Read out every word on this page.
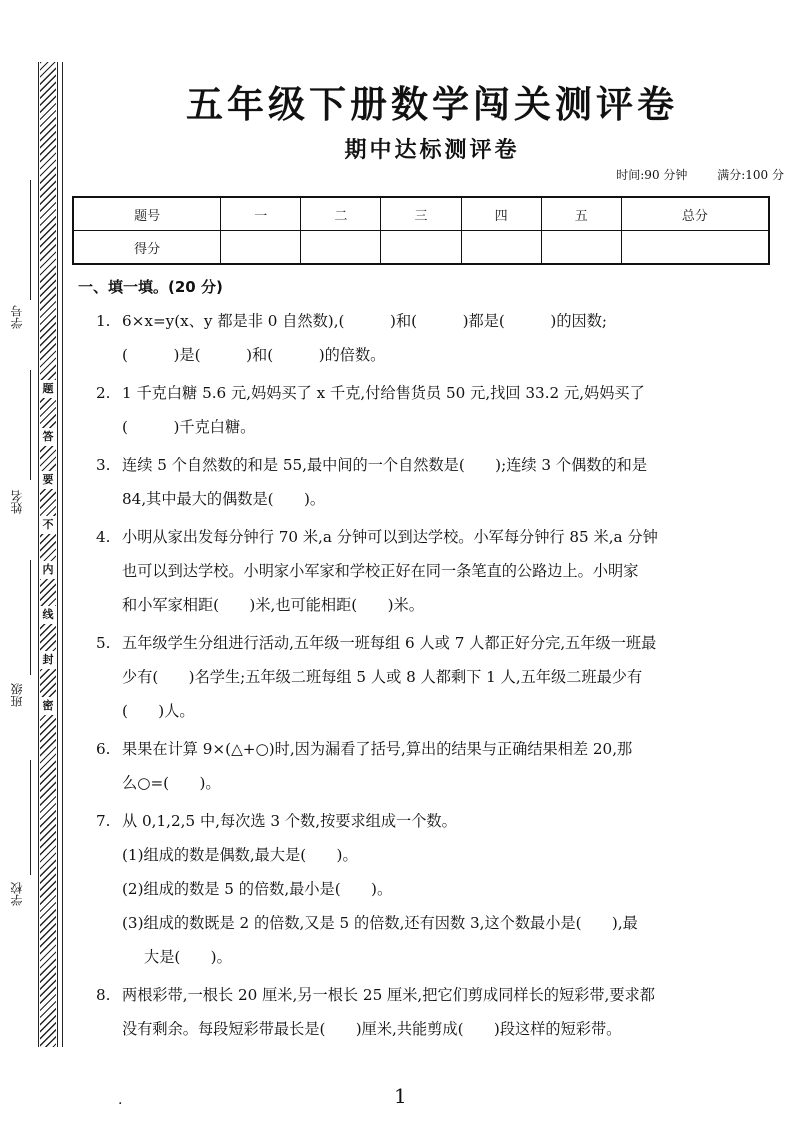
题
答
要
不
内
线
封
密
学号
姓名
班级
学校
五年级下册数学闯关测评卷
期中达标测评卷
时间:90 分钟 满分:100 分
题号	一	二	三	四	五	总分
得分						
一、填一填。(20 分)
1. 6×x=y(x、y 都是非 0 自然数),(　　　)和(　　　)都是(　　　)的因数;
(　　　)是(　　　)和(　　　)的倍数。
2. 1 千克白糖 5.6 元,妈妈买了 x 千克,付给售货员 50 元,找回 33.2 元,妈妈买了
(　　　)千克白糖。
3. 连续 5 个自然数的和是 55,最中间的一个自然数是(　　);连续 3 个偶数的和是
84,其中最大的偶数是(　　)。
4. 小明从家出发每分钟行 70 米,a 分钟可以到达学校。小军每分钟行 85 米,a 分钟
也可以到达学校。小明家小军家和学校正好在同一条笔直的公路边上。小明家
和小军家相距(　　)米,也可能相距(　　)米。
5. 五年级学生分组进行活动,五年级一班每组 6 人或 7 人都正好分完,五年级一班最
少有(　　)名学生;五年级二班每组 5 人或 8 人都剩下 1 人,五年级二班最少有
(　　)人。
6. 果果在计算 9×(△+○)时,因为漏看了括号,算出的结果与正确结果相差 20,那
么○=(　　)。
7. 从 0,1,2,5 中,每次选 3 个数,按要求组成一个数。
(1)组成的数是偶数,最大是(　　)。
(2)组成的数是 5 的倍数,最小是(　　)。
(3)组成的数既是 2 的倍数,又是 5 的倍数,还有因数 3,这个数最小是(　　),最
大是(　　)。
8. 两根彩带,一根长 20 厘米,另一根长 25 厘米,把它们剪成同样长的短彩带,要求都
没有剩余。每段短彩带最长是(　　)厘米,共能剪成(　　)段这样的短彩带。
.	1
